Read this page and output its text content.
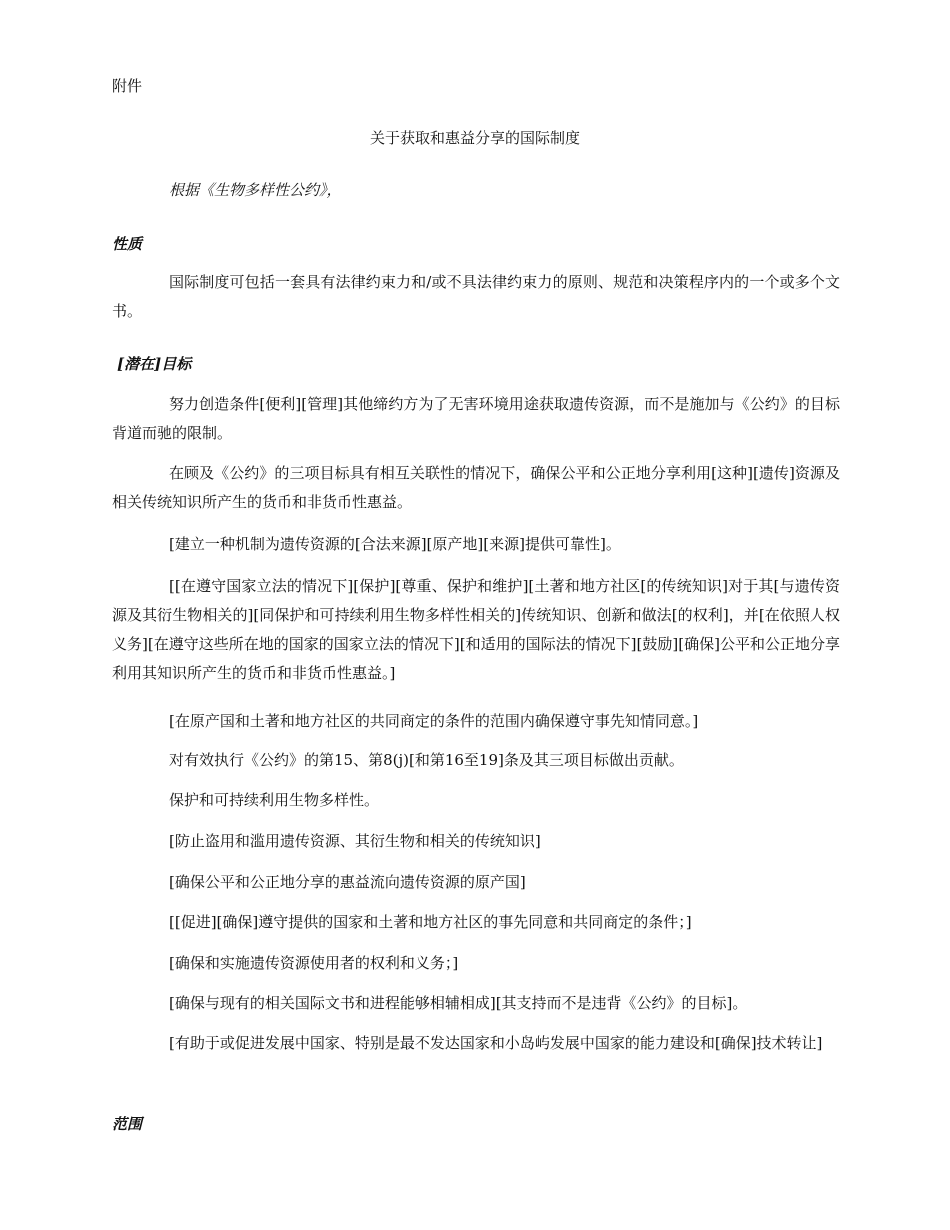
附件
关于获取和惠益分享的国际制度
根据《生物多样性公约》，
性质
国际制度可包括一套具有法律约束力和/或不具法律约束力的原则、规范和决策程序内的一个或多个文书。
[潜在]目标
努力创造条件[便利][管理]其他缔约方为了无害环境用途获取遗传资源，而不是施加与《公约》的目标背道而驰的限制。
在顾及《公约》的三项目标具有相互关联性的情况下，确保公平和公正地分享利用[这种][遗传]资源及相关传统知识所产生的货币和非货币性惠益。
[建立一种机制为遗传资源的[合法来源][原产地][来源]提供可靠性]。
[[在遵守国家立法的情况下][保护][尊重、保护和维护][土著和地方社区[的传统知识]对于其[与遗传资源及其衍生物相关的][同保护和可持续利用生物多样性相关的]传统知识、创新和做法[的权利]，并[在依照人权义务][在遵守这些所在地的国家的国家立法的情况下][和适用的国际法的情况下][鼓励][确保]公平和公正地分享利用其知识所产生的货币和非货币性惠益。]
[在原产国和土著和地方社区的共同商定的条件的范围内确保遵守事先知情同意。]
对有效执行《公约》的第15、第8(j)[和第16至19]条及其三项目标做出贡献。
保护和可持续利用生物多样性。
[防止盗用和滥用遗传资源、其衍生物和相关的传统知识]
[确保公平和公正地分享的惠益流向遗传资源的原产国]
[[促进][确保]遵守提供的国家和土著和地方社区的事先同意和共同商定的条件；]
[确保和实施遗传资源使用者的权利和义务；]
[确保与现有的相关国际文书和进程能够相辅相成][其支持而不是违背《公约》的目标]。
[有助于或促进发展中国家、特别是最不发达国家和小岛屿发展中国家的能力建设和[确保]技术转让]
范围
